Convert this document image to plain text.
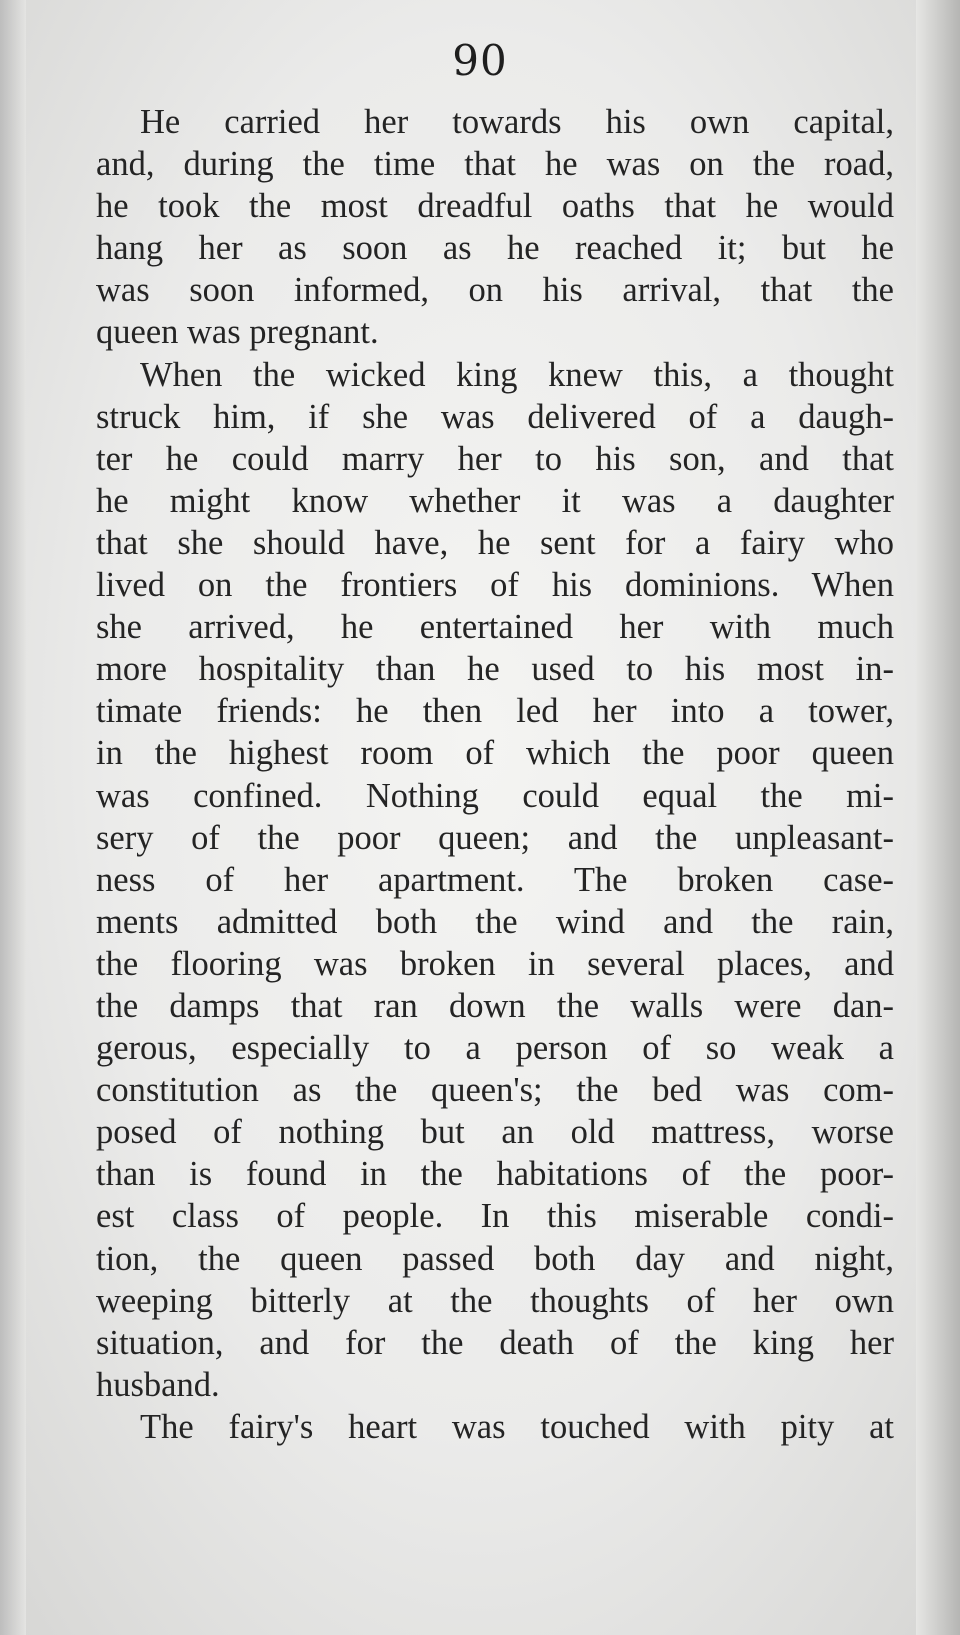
90
He carried her towards his own capital,
and, during the time that he was on the road,
he took the most dreadful oaths that he would
hang her as soon as he reached it; but he
was soon informed, on his arrival, that the
queen was pregnant.
When the wicked king knew this, a thought
struck him, if she was delivered of a daugh-
ter he could marry her to his son, and that
he might know whether it was a daughter
that she should have, he sent for a fairy who
lived on the frontiers of his dominions. When
she arrived, he entertained her with much
more hospitality than he used to his most in-
timate friends: he then led her into a tower,
in the highest room of which the poor queen
was confined. Nothing could equal the mi-
sery of the poor queen; and the unpleasant-
ness of her apartment. The broken case-
ments admitted both the wind and the rain,
the flooring was broken in several places, and
the damps that ran down the walls were dan-
gerous, especially to a person of so weak a
constitution as the queen's; the bed was com-
posed of nothing but an old mattress, worse
than is found in the habitations of the poor-
est class of people. In this miserable condi-
tion, the queen passed both day and night,
weeping bitterly at the thoughts of her own
situation, and for the death of the king her
husband.
The fairy's heart was touched with pity at
